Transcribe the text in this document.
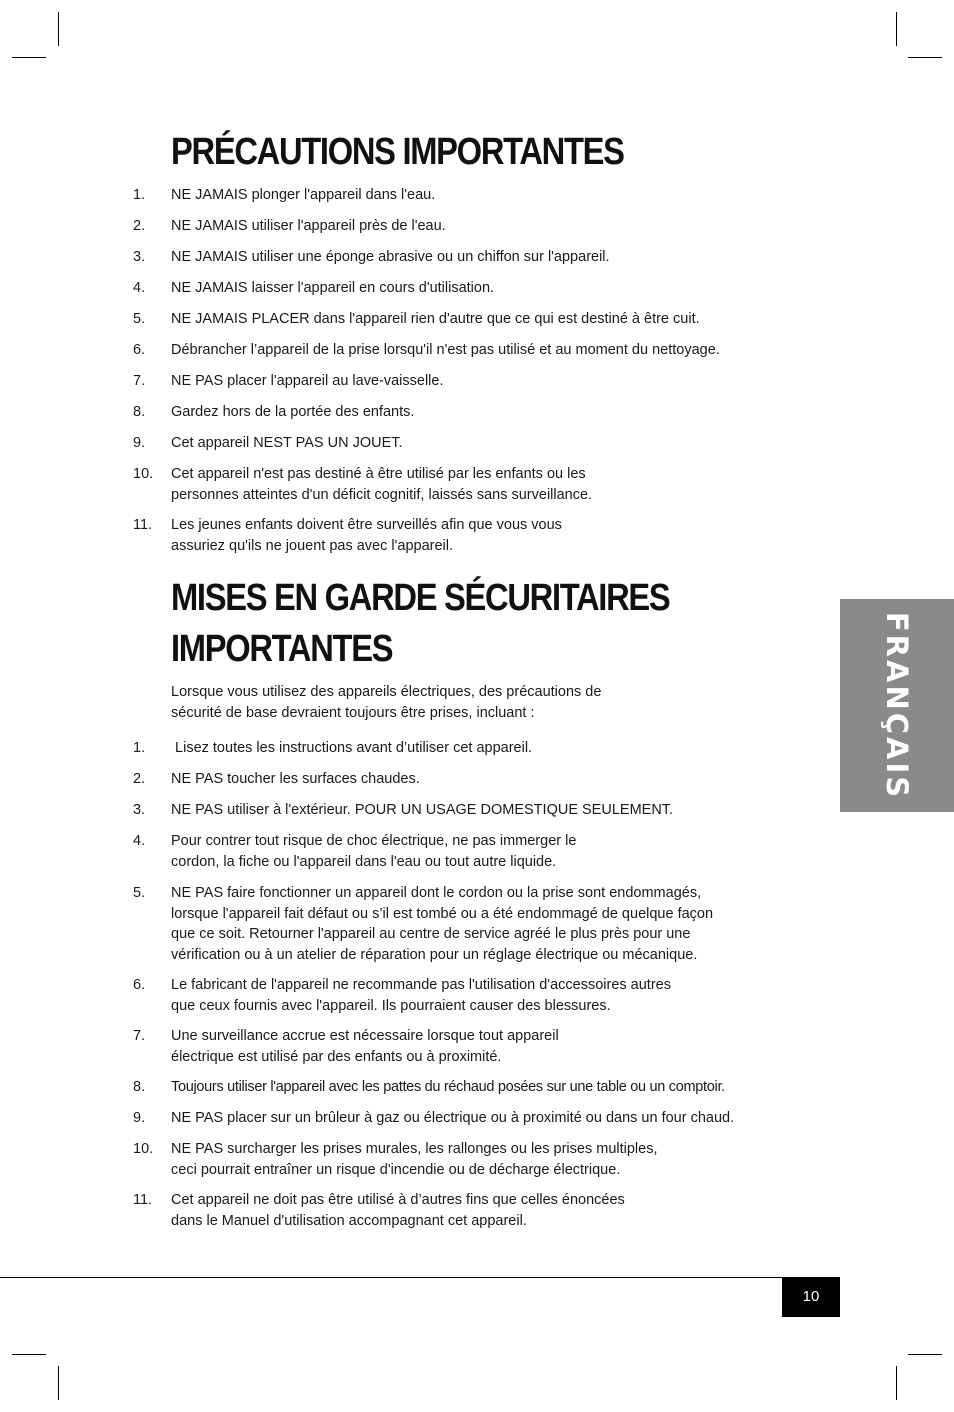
PRÉCAUTIONS IMPORTANTES
1.	NE JAMAIS plonger l'appareil dans l'eau.
2.	NE JAMAIS utiliser l'appareil près de l'eau.
3.	NE JAMAIS utiliser une éponge abrasive ou un chiffon sur l'appareil.
4.	NE JAMAIS laisser l'appareil en cours d'utilisation.
5.	NE JAMAIS PLACER dans l'appareil rien d'autre que ce qui est destiné à être cuit.
6.	Débrancher l’appareil de la prise lorsqu'il n'est pas utilisé et au moment du nettoyage.
7.	NE PAS placer l'appareil au lave-vaisselle.
8.	Gardez hors de la portée des enfants.
9.	Cet appareil NEST PAS UN JOUET.
10.	Cet appareil n'est pas destiné à être utilisé par les enfants ou les
personnes atteintes d'un déficit cognitif, laissés sans surveillance.
11.	Les jeunes enfants doivent être surveillés afin que vous vous
assuriez qu'ils ne jouent pas avec l'appareil.
MISES EN GARDE SÉCURITAIRES
IMPORTANTES
Lorsque vous utilisez des appareils électriques, des précautions de
sécurité de base devraient toujours être prises, incluant :
1.	Lisez toutes les instructions avant d’utiliser cet appareil.
2.	NE PAS toucher les surfaces chaudes.
3.	NE PAS utiliser à l'extérieur. POUR UN USAGE DOMESTIQUE SEULEMENT.
4.	Pour contrer tout risque de choc électrique, ne pas immerger le
cordon, la fiche ou l'appareil dans l'eau ou tout autre liquide.
5.	NE PAS faire fonctionner un appareil dont le cordon ou la prise sont endommagés,
lorsque l'appareil fait défaut ou s’il est tombé ou a été endommagé de quelque façon
que ce soit. Retourner l'appareil au centre de service agréé le plus près pour une
vérification ou à un atelier de réparation pour un réglage électrique ou mécanique.
6.	Le fabricant de l'appareil ne recommande pas l'utilisation d'accessoires autres
que ceux fournis avec l'appareil. Ils pourraient causer des blessures.
7.	Une surveillance accrue est nécessaire lorsque tout appareil
électrique est utilisé par des enfants ou à proximité.
8.	Toujours utiliser l'appareil avec les pattes du réchaud posées sur une table ou un comptoir.
9.	NE PAS placer sur un brûleur à gaz ou électrique ou à proximité ou dans un four chaud.
10.	NE PAS surcharger les prises murales, les rallonges ou les prises multiples,
ceci pourrait entraîner un risque d'incendie ou de décharge électrique.
11.	Cet appareil ne doit pas être utilisé à d’autres fins que celles énoncées
dans le Manuel d'utilisation accompagnant cet appareil.
FRANÇAIS
10
